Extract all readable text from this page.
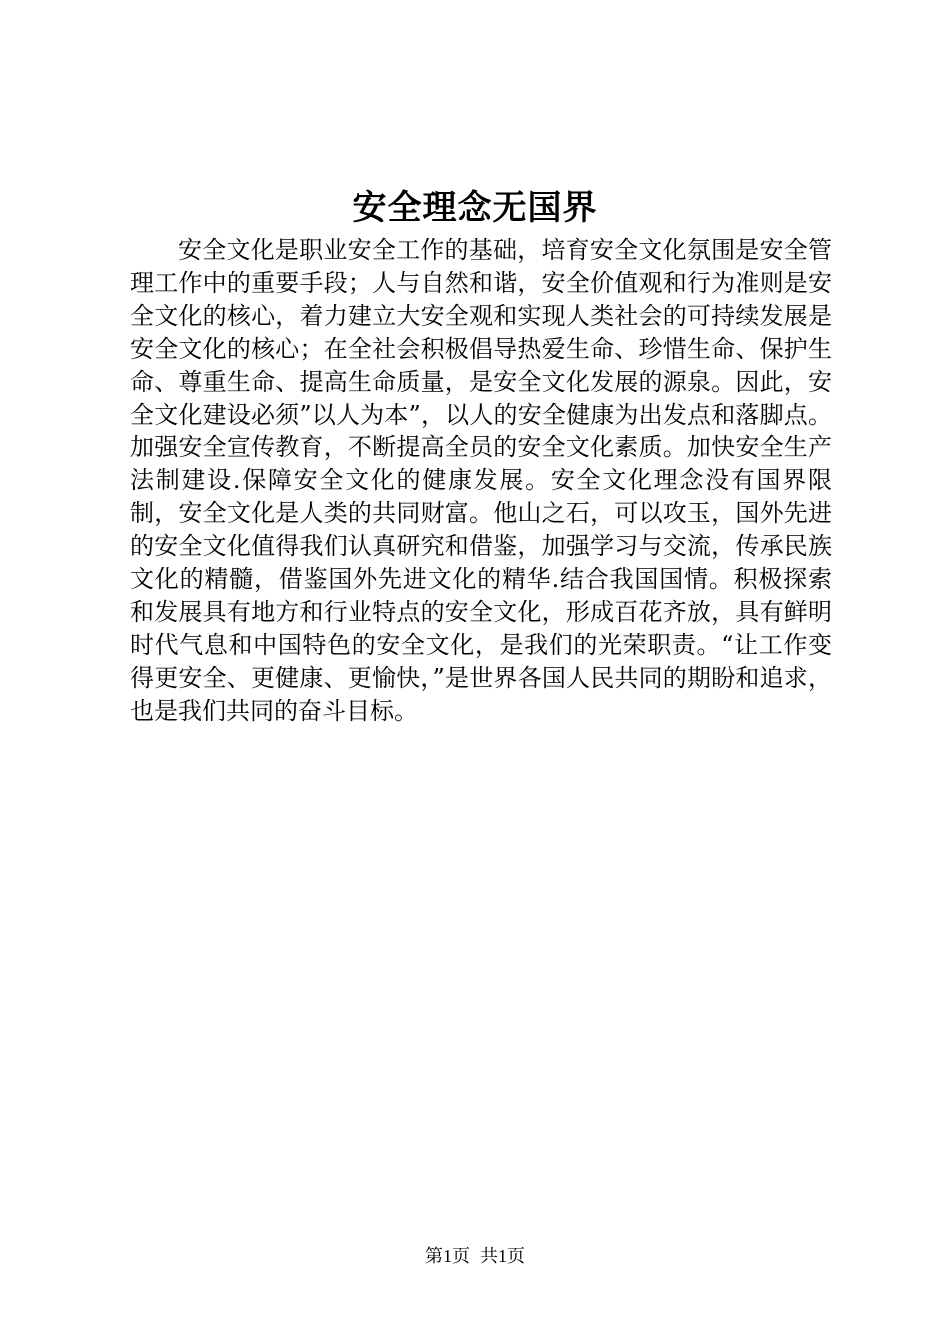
安全理念无国界

安全文化是职业安全工作的基础，培育安全文化氛围是安全管理工作中的重要手段；人与自然和谐，安全价值观和行为准则是安全文化的核心，着力建立大安全观和实现人类社会的可持续发展是安全文化的核心；在全社会积极倡导热爱生命、珍惜生命、保护生命、尊重生命、提高生命质量，是安全文化发展的源泉。因此，安全文化建设必须”以人为本”，以人的安全健康为出发点和落脚点。加强安全宣传教育，不断提高全员的安全文化素质。加快安全生产法制建设.保障安全文化的健康发展。安全文化理念没有国界限制，安全文化是人类的共同财富。他山之石，可以攻玉，国外先进的安全文化值得我们认真研究和借鉴，加强学习与交流，传承民族文化的精髓，借鉴国外先进文化的精华.结合我国国情。积极探索和发展具有地方和行业特点的安全文化，形成百花齐放，具有鲜明时代气息和中国特色的安全文化，是我们的光荣职责。“让工作变得更安全、更健康、更愉快，”是世界各国人民共同的期盼和追求，也是我们共同的奋斗目标。

第1页 共1页
